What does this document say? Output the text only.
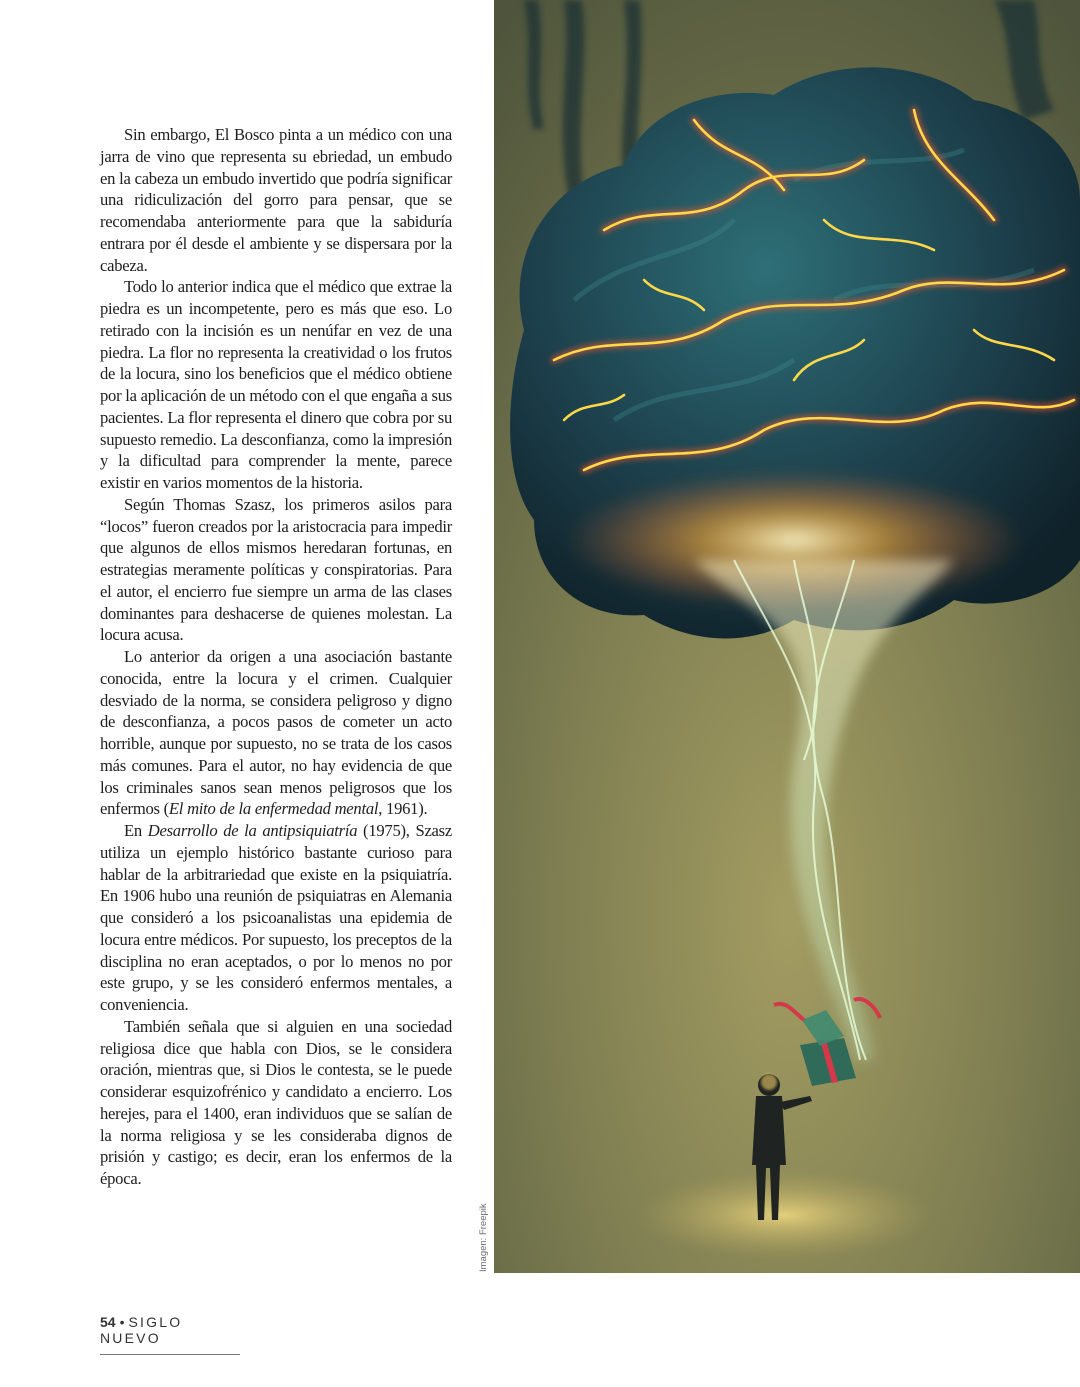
Sin embargo, El Bosco pinta a un médico con una jarra de vino que representa su ebriedad, un embudo en la cabeza un embudo invertido que podría significar una ridiculización del gorro para pensar, que se recomendaba anteriormente para que la sabiduría entrara por él desde el ambiente y se dispersara por la cabeza.

Todo lo anterior indica que el médico que extrae la piedra es un incompetente, pero es más que eso. Lo retirado con la incisión es un nenúfar en vez de una piedra. La flor no representa la creatividad o los frutos de la locura, sino los beneficios que el médico obtiene por la aplicación de un método con el que engaña a sus pacientes. La flor representa el dinero que cobra por su supuesto remedio. La desconfianza, como la impresión y la dificultad para comprender la mente, parece existir en varios momentos de la historia.

Según Thomas Szasz, los primeros asilos para “locos” fueron creados por la aristocracia para impedir que algunos de ellos mismos heredaran fortunas, en estrategias meramente políticas y conspiratorias. Para el autor, el encierro fue siempre un arma de las clases dominantes para deshacerse de quienes molestan. La locura acusa.

Lo anterior da origen a una asociación bastante conocida, entre la locura y el crimen. Cualquier desviado de la norma, se considera peligroso y digno de desconfianza, a pocos pasos de cometer un acto horrible, aunque por supuesto, no se trata de los casos más comunes. Para el autor, no hay evidencia de que los criminales sanos sean menos peligrosos que los enfermos (El mito de la enfermedad mental, 1961).

En Desarrollo de la antipsiquiatría (1975), Szasz utiliza un ejemplo histórico bastante curioso para hablar de la arbitrariedad que existe en la psiquiatría. En 1906 hubo una reunión de psiquiatras en Alemania que consideró a los psicoanalistas una epidemia de locura entre médicos. Por supuesto, los preceptos de la disciplina no eran aceptados, o por lo menos no por este grupo, y se les consideró enfermos mentales, a conveniencia.

También señala que si alguien en una sociedad religiosa dice que habla con Dios, se le considera oración, mientras que, si Dios le contesta, se le puede considerar esquizofrénico y candidato a encierro. Los herejes, para el 1400, eran individuos que se salían de la norma religiosa y se les consideraba dignos de prisión y castigo; es decir, eran los enfermos de la época.

Imagen: Freepik
54 • SIGLO NUEVO
